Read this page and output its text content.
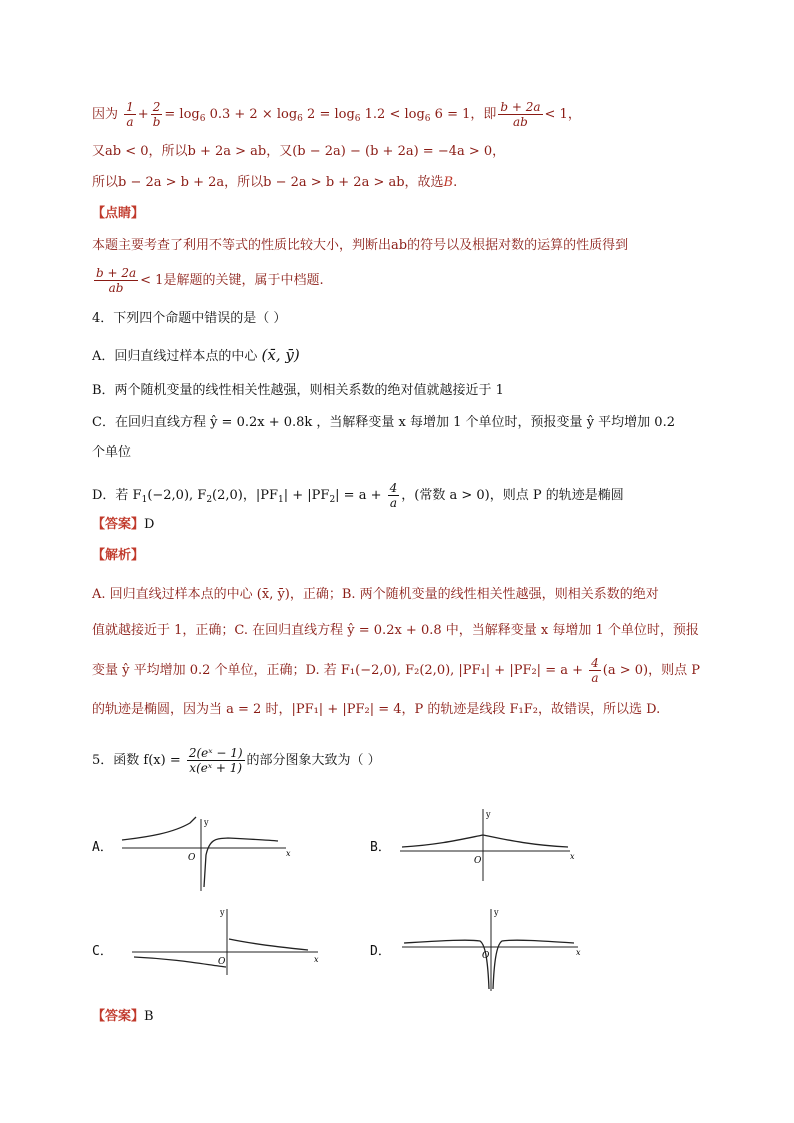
因为 $\frac{1}{a} + \frac{2}{b} = \log_6 0.3 + 2 \times \log_6 2 = \log_6 1.2 < \log_6 6 = 1$，即 $\frac{b + 2a}{ab} < 1$，
又ab < 0，所以b + 2a > ab，又(b − 2a) − (b + 2a) = −4a > 0，
所以b − 2a > b + 2a，所以b − 2a > b + 2a > ab，故选B.
【点睛】
本题主要考查了利用不等式的性质比较大小，判断出ab的符号以及根据对数的运算的性质得到
$\frac{b + 2a}{ab} < 1$是解题的关键，属于中档题.
4．下列四个命题中错误的是（ ）
A．回归直线过样本点的中心 (x̄, ȳ)
B．两个随机变量的线性相关性越强，则相关系数的绝对值就越接近于 1
C．在回归直线方程 ŷ = 0.2x + 0.8k ，当解释变量 x 每增加 1 个单位时，预报变量 ŷ 平均增加 0.2
个单位
D．若 $F_1(-2,0)$, $F_2(2,0)$，$|PF_1| + |PF_2| = a + \frac{4}{a}$ ，(常数 a > 0)，则点 P 的轨迹是椭圆
【答案】D
【解析】
A. 回归直线过样本点的中心 (x̄, ȳ)，正确；B. 两个随机变量的线性相关性越强，则相关系数的绝对
值就越接近于 1，正确；C. 在回归直线方程 ŷ = 0.2x + 0.8 中，当解释变量 x 每增加 1 个单位时，预报
变量 ŷ 平均增加 0.2 个单位，正确；D. 若 F₁(−2,0), F₂(2,0), $|PF_1| + |PF_2| = a + \frac{4}{a} (a > 0)$，则点 P
的轨迹是椭圆，因为当 a = 2 时，|PF₁| + |PF₂| = 4，P 的轨迹是线段 F₁F₂，故错误，所以选 D.
5．函数 $f(x) = \frac{\text{2(eˣ − 1)}}{\text{x(eˣ + 1)}}$ 的部分图象大致为（ ）
A．	B．
C．	D．
y
x
O
y
x
O
y
x
O
y
x
O
【答案】B
